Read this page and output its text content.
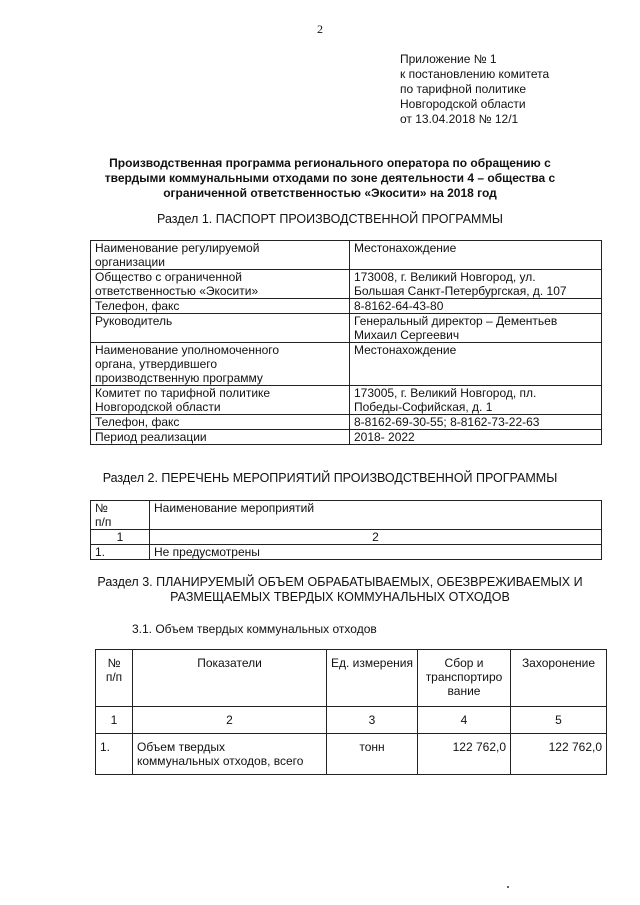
2
Приложение № 1
к постановлению комитета
по тарифной политике
Новгородской области
от 13.04.2018 № 12/1
Производственная программа регионального оператора по обращению с
твердыми коммунальными отходами по зоне деятельности 4 – общества с
ограниченной ответственностью «Экосити» на 2018 год
Раздел 1. ПАСПОРТ ПРОИЗВОДСТВЕННОЙ ПРОГРАММЫ
Наименование регулируемой
организации	Местонахождение
Общество с ограниченной
ответственностью «Экосити»	173008, г. Великий Новгород, ул.
Большая Санкт-Петербургская, д. 107
Телефон, факс	8-8162-64-43-80
Руководитель	Генеральный директор – Дементьев
Михаил Сергеевич
Наименование уполномоченного
органа, утвердившего
производственную программу	Местонахождение
Комитет по тарифной политике
Новгородской области	173005, г. Великий Новгород, пл.
Победы-Софийская, д. 1
Телефон, факс	8-8162-69-30-55; 8-8162-73-22-63
Период реализации	2018- 2022
Раздел 2. ПЕРЕЧЕНЬ МЕРОПРИЯТИЙ ПРОИЗВОДСТВЕННОЙ ПРОГРАММЫ
№
п/п	Наименование мероприятий
1	2
1.	Не предусмотрены
Раздел 3. ПЛАНИРУЕМЫЙ ОБЪЕМ ОБРАБАТЫВАЕМЫХ, ОБЕЗВРЕЖИВАЕМЫХ И
РАЗМЕЩАЕМЫХ ТВЕРДЫХ КОММУНАЛЬНЫХ ОТХОДОВ
3.1. Объем твердых коммунальных отходов
№
п/п	Показатели	Ед. измерения	Сбор и
транспортиро
вание	Захоронение
1	2	3	4	5
1.	Объем твердых
коммунальных отходов, всего	тонн	122 762,0	122 762,0
